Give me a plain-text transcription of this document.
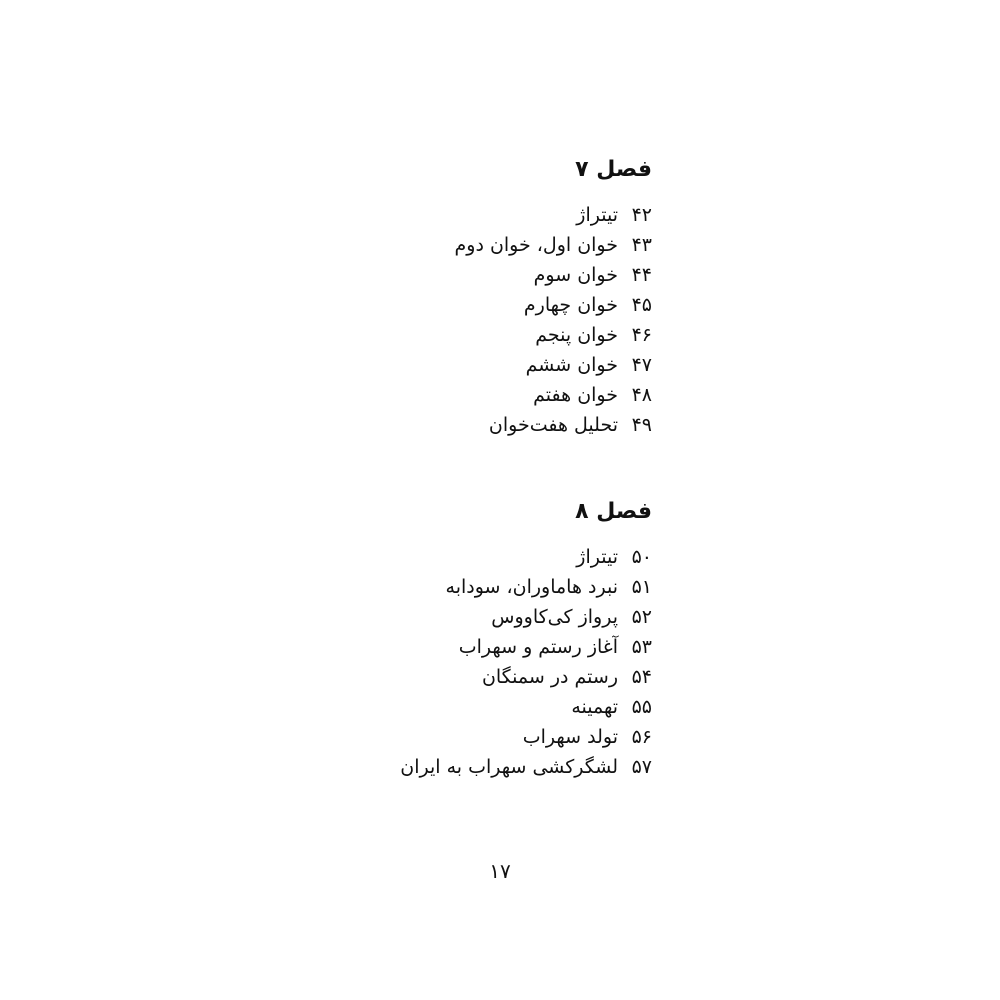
فصل ۷
۴۲
تیتراژ
۴۳
خوان اول، خوان دوم
۴۴
خوان سوم
۴۵
خوان چهارم
۴۶
خوان پنجم
۴۷
خوان ششم
۴۸
خوان هفتم
۴۹
تحلیل هفت‌خوان
فصل ۸
۵۰
تیتراژ
۵۱
نبرد هاماوران، سودابه
۵۲
پرواز کی‌کاووس
۵۳
آغاز رستم و سهراب
۵۴
رستم در سمنگان
۵۵
تهمینه
۵۶
تولد سهراب
۵۷
لشگرکشی سهراب به ایران
۱۷
